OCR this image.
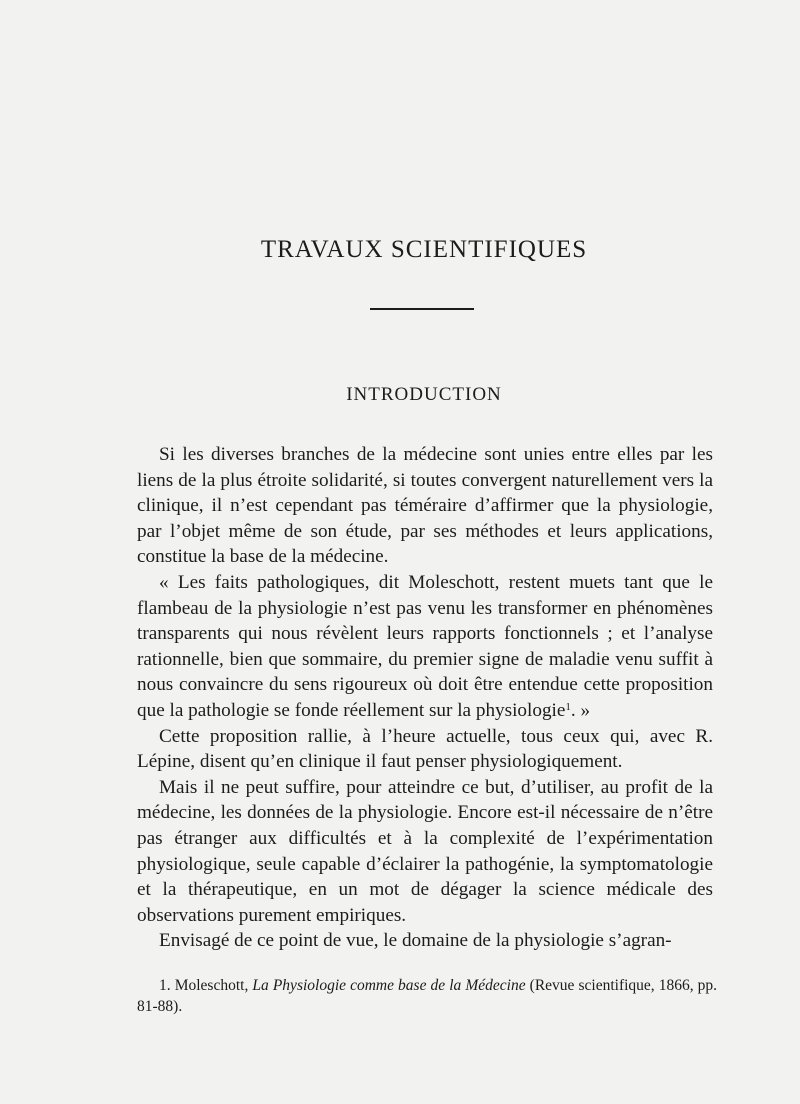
TRAVAUX SCIENTIFIQUES
INTRODUCTION

Si les diverses branches de la médecine sont unies entre elles par les liens de la plus étroite solidarité, si toutes convergent naturellement vers la clinique, il n’est cependant pas téméraire d’affirmer que la physiologie, par l’objet même de son étude, par ses méthodes et leurs applications, constitue la base de la médecine.

« Les faits pathologiques, dit Moleschott, restent muets tant que le flambeau de la physiologie n’est pas venu les transformer en phénomènes transparents qui nous révèlent leurs rapports fonctionnels ; et l’analyse rationnelle, bien que sommaire, du premier signe de maladie venu suffit à nous convaincre du sens rigoureux où doit être entendue cette proposition que la pathologie se fonde réellement sur la physiologie$^1$. »

Cette proposition rallie, à l’heure actuelle, tous ceux qui, avec R. Lépine, disent qu’en clinique il faut penser physiologiquement.

Mais il ne peut suffire, pour atteindre ce but, d’utiliser, au profit de la médecine, les données de la physiologie. Encore est-il nécessaire de n’être pas étranger aux difficultés et à la complexité de l’expérimentation physiologique, seule capable d’éclairer la pathogénie, la symptomatologie et la thérapeutique, en un mot de dégager la science médicale des observations purement empiriques.

Envisagé de ce point de vue, le domaine de la physiologie s’agran-

1. Moleschott, La Physiologie comme base de la Médecine (Revue scientifique, 1866, pp. 81-88).
